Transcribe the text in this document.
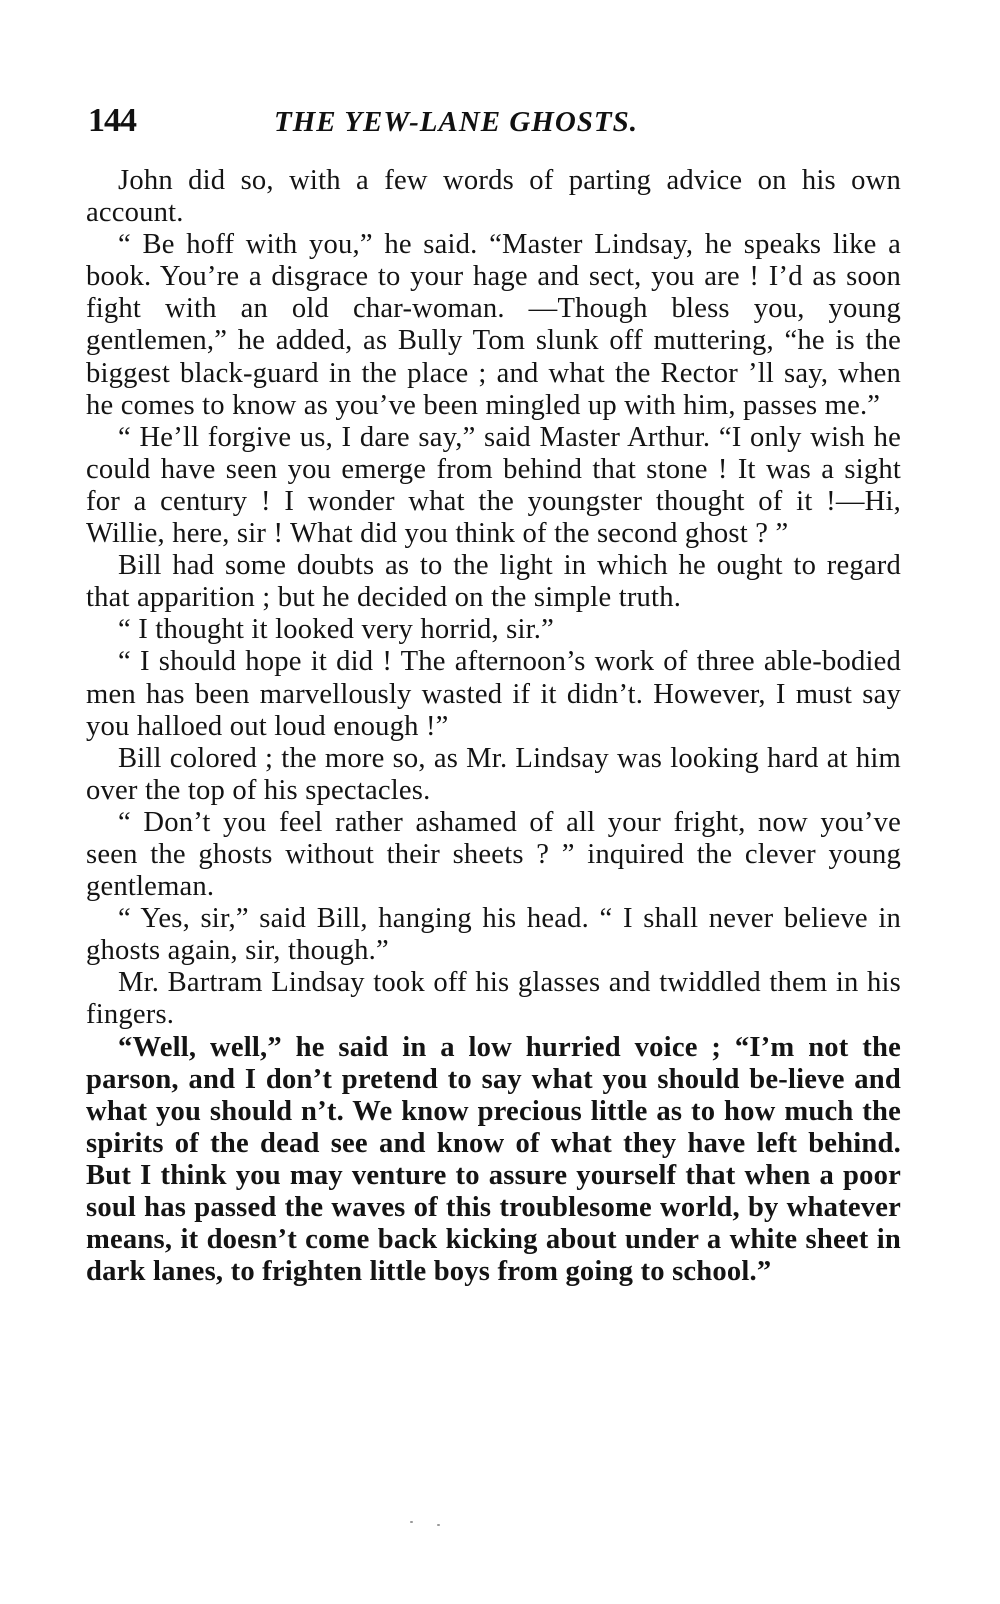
144	THE YEW-LANE GHOSTS.

John did so, with a few words of parting advice on his own account.

“ Be hoff with you,” he said. “Master Lindsay, he speaks like a book. You’re a disgrace to your hage and sect, you are ! I’d as soon fight with an old char-woman. —Though bless you, young gentlemen,” he added, as Bully Tom slunk off muttering, “he is the biggest black-guard in the place ; and what the Rector ’ll say, when he comes to know as you’ve been mingled up with him, passes me.”

“ He’ll forgive us, I dare say,” said Master Arthur. “I only wish he could have seen you emerge from behind that stone ! It was a sight for a century ! I wonder what the youngster thought of it !—Hi, Willie, here, sir ! What did you think of the second ghost ? ”

Bill had some doubts as to the light in which he ought to regard that apparition ; but he decided on the simple truth.

“ I thought it looked very horrid, sir.”

“ I should hope it did ! The afternoon’s work of three able-bodied men has been marvellously wasted if it didn’t. However, I must say you halloed out loud enough !”

Bill colored ; the more so, as Mr. Lindsay was looking hard at him over the top of his spectacles.

“ Don’t you feel rather ashamed of all your fright, now you’ve seen the ghosts without their sheets ? ” inquired the clever young gentleman.

“ Yes, sir,” said Bill, hanging his head. “ I shall never believe in ghosts again, sir, though.”

Mr. Bartram Lindsay took off his glasses and twiddled them in his fingers.

“Well, well,” he said in a low hurried voice ; “I’m not the parson, and I don’t pretend to say what you should be-lieve and what you should n’t. We know precious little as to how much the spirits of the dead see and know of what they have left behind. But I think you may venture to assure yourself that when a poor soul has passed the waves of this troublesome world, by whatever means, it doesn’t come back kicking about under a white sheet in dark lanes, to frighten little boys from going to school.”
